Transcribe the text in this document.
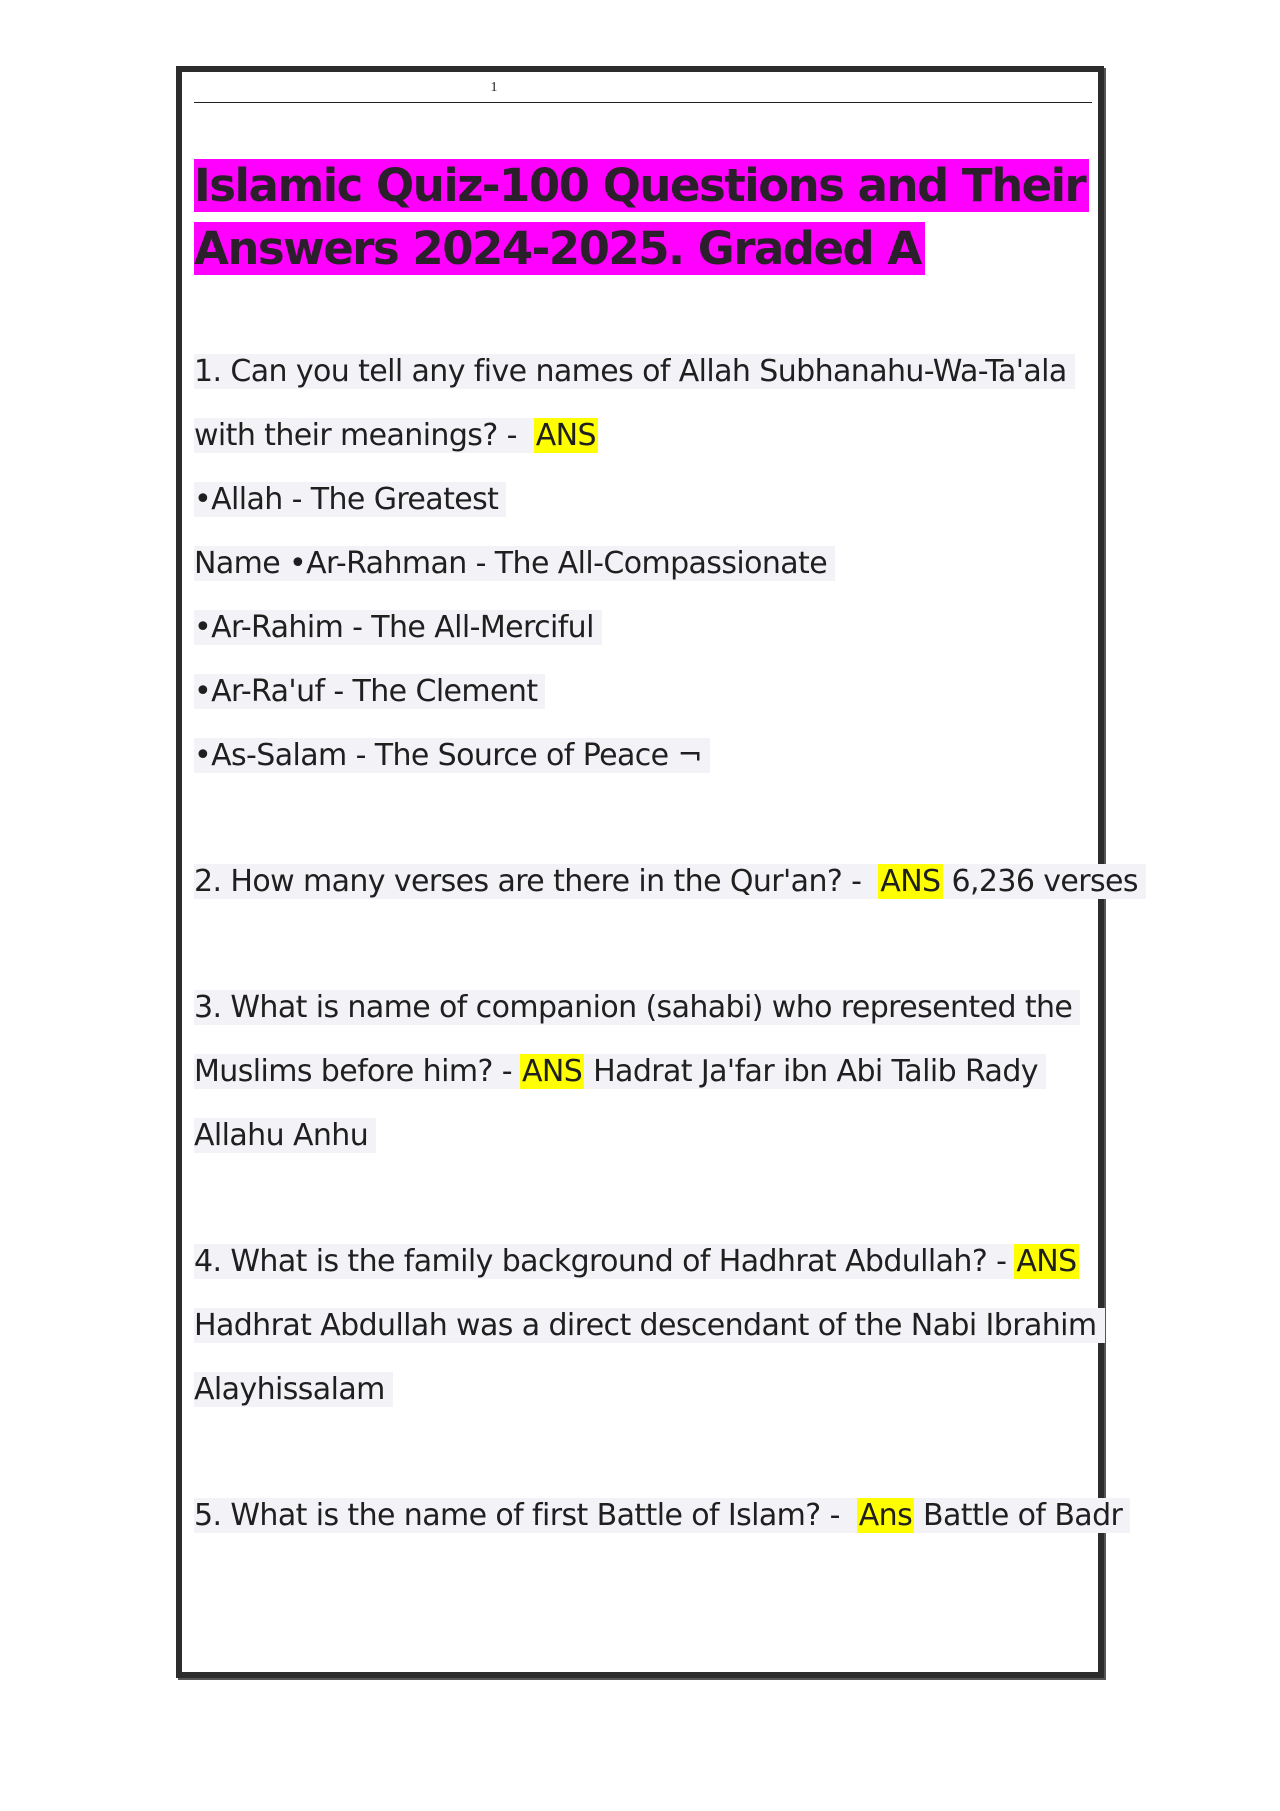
1
Islamic Quiz-100 Questions and Their
Answers 2024-2025. Graded A
1. Can you tell any five names of Allah Subhanahu-Wa-Ta'ala
with their meanings? - ANS
•Allah - The Greatest
Name •Ar-Rahman - The All-Compassionate
•Ar-Rahim - The All-Merciful
•Ar-Ra'uf - The Clement
•As-Salam - The Source of Peace ¬
2. How many verses are there in the Qur'an? - ANS 6,236 verses
3. What is name of companion (sahabi) who represented the
Muslims before him? - ANS Hadrat Ja'far ibn Abi Talib Rady
Allahu Anhu
4. What is the family background of Hadhrat Abdullah? - ANS
Hadhrat Abdullah was a direct descendant of the Nabi Ibrahim
Alayhissalam
5. What is the name of first Battle of Islam? - Ans Battle of Badr
